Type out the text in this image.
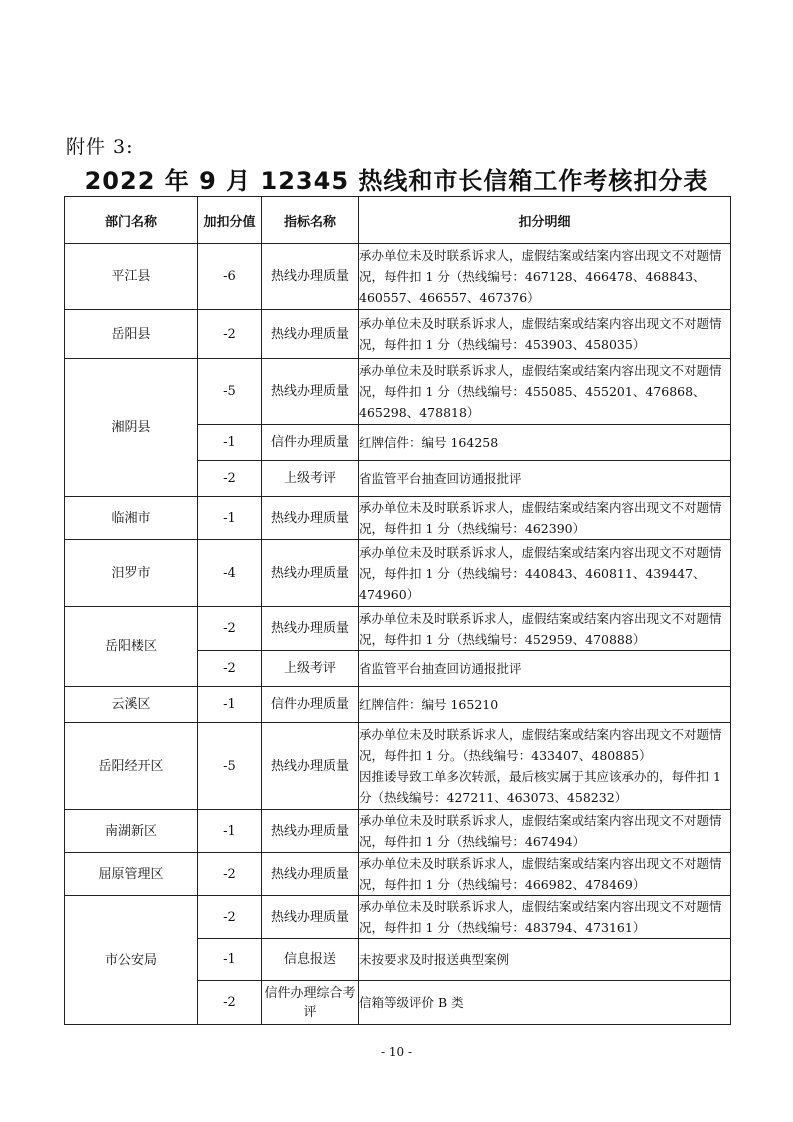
附件 3:
2022 年 9 月 12345 热线和市长信箱工作考核扣分表
部门名称	加扣分值	指标名称	扣分明细
平江县	-6	热线办理质量	承办单位未及时联系诉求人，虚假结案或结案内容出现文不对题情况，每件扣 1 分（热线编号：467128、466478、468843、460557、466557、467376）

岳阳县	-2	热线办理质量	承办单位未及时联系诉求人，虚假结案或结案内容出现文不对题情况，每件扣 1 分（热线编号：453903、458035）

湘阴县	-5	热线办理质量	承办单位未及时联系诉求人，虚假结案或结案内容出现文不对题情况，每件扣 1 分（热线编号：455085、455201、476868、465298、478818）

	-1	信件办理质量	红牌信件：编号 164258

	-2	上级考评	省监管平台抽查回访通报批评

临湘市	-1	热线办理质量	承办单位未及时联系诉求人，虚假结案或结案内容出现文不对题情况，每件扣 1 分（热线编号：462390）

汨罗市	-4	热线办理质量	承办单位未及时联系诉求人，虚假结案或结案内容出现文不对题情况，每件扣 1 分（热线编号：440843、460811、439447、474960）

岳阳楼区	-2	热线办理质量	承办单位未及时联系诉求人，虚假结案或结案内容出现文不对题情况，每件扣 1 分（热线编号：452959、470888）

	-2	上级考评	省监管平台抽查回访通报批评

云溪区	-1	信件办理质量	红牌信件：编号 165210

岳阳经开区	-5	热线办理质量	承办单位未及时联系诉求人，虚假结案或结案内容出现文不对题情况，每件扣 1 分。（热线编号：433407、480885）
因推诿导致工单多次转派，最后核实属于其应该承办的，每件扣 1 分（热线编号：427211、463073、458232）

南湖新区	-1	热线办理质量	承办单位未及时联系诉求人，虚假结案或结案内容出现文不对题情况，每件扣 1 分（热线编号：467494）

屈原管理区	-2	热线办理质量	承办单位未及时联系诉求人，虚假结案或结案内容出现文不对题情况，每件扣 1 分（热线编号：466982、478469）

市公安局	-2	热线办理质量	承办单位未及时联系诉求人，虚假结案或结案内容出现文不对题情况，每件扣 1 分（热线编号：483794、473161）

	-1	信息报送	未按要求及时报送典型案例

	-2	信件办理综合考评	信箱等级评价 B 类
- 10 -
